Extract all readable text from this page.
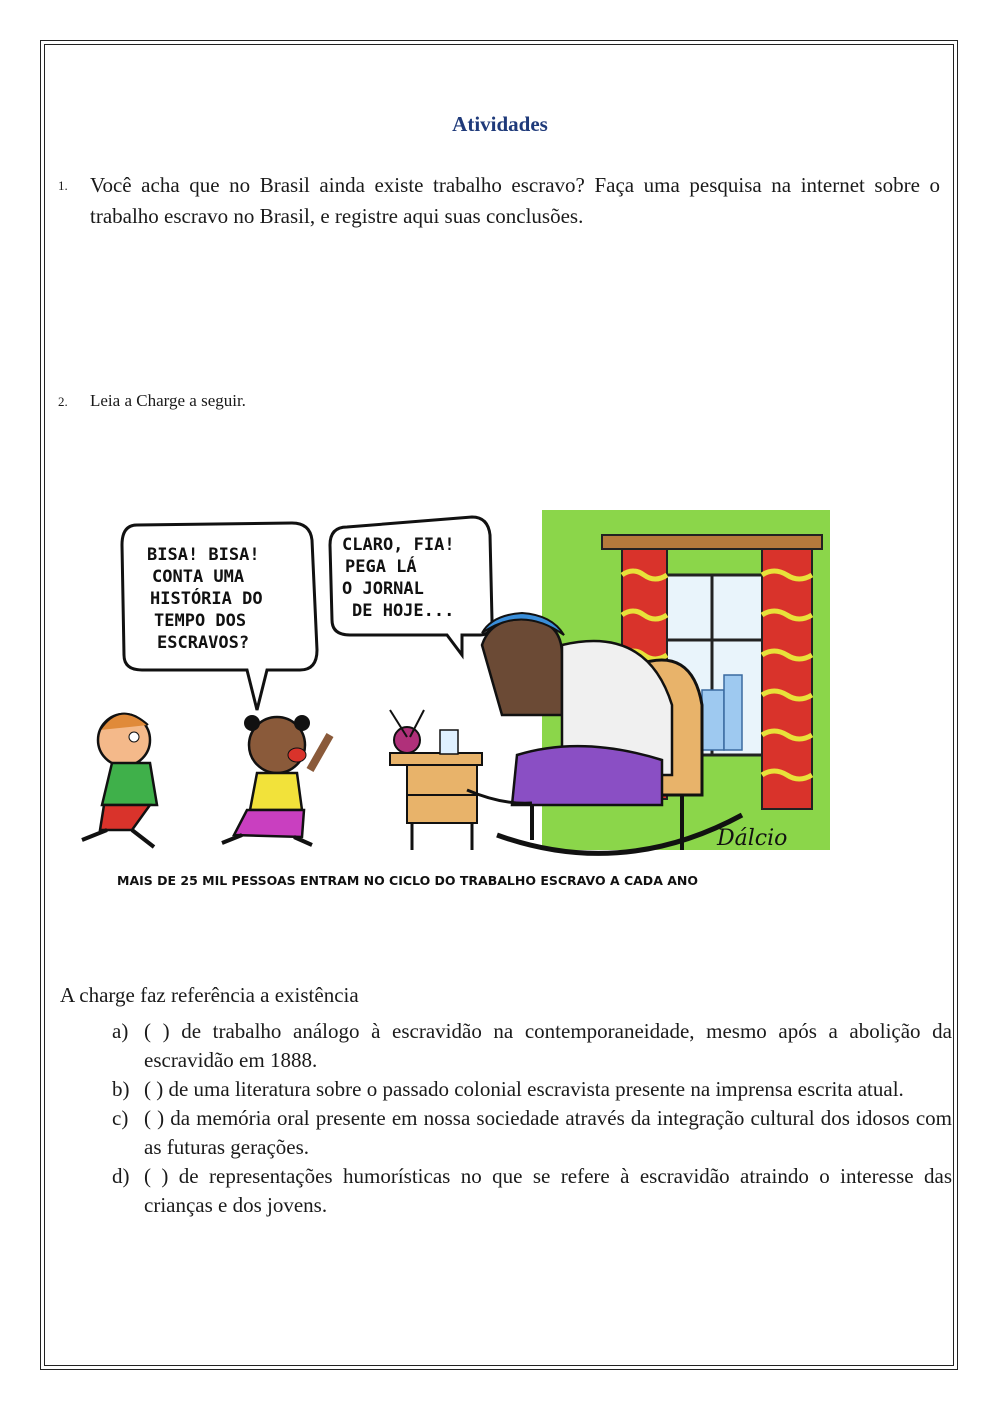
Atividades
1. Você acha que no Brasil ainda existe trabalho escravo? Faça uma pesquisa na internet sobre o trabalho escravo no Brasil, e registre aqui suas conclusões.
2. Leia a Charge a seguir.
BISA! BISA!
CONTA UMA
HISTÓRIA DO
TEMPO DOS
ESCRAVOS?
CLARO, FIA!
PEGA LÁ
O JORNAL
DE HOJE...
Dálcio
MAIS DE 25 MIL PESSOAS ENTRAM NO CICLO DO TRABALHO ESCRAVO A CADA ANO
A charge faz referência a existência
a) ( ) de trabalho análogo à escravidão na contemporaneidade, mesmo após a abolição da escravidão em 1888.
b) ( ) de uma literatura sobre o passado colonial escravista presente na imprensa escrita atual.
c) ( ) da memória oral presente em nossa sociedade através da integração cultural dos idosos com as futuras gerações.
d) ( ) de representações humorísticas no que se refere à escravidão atraindo o interesse das crianças e dos jovens.
